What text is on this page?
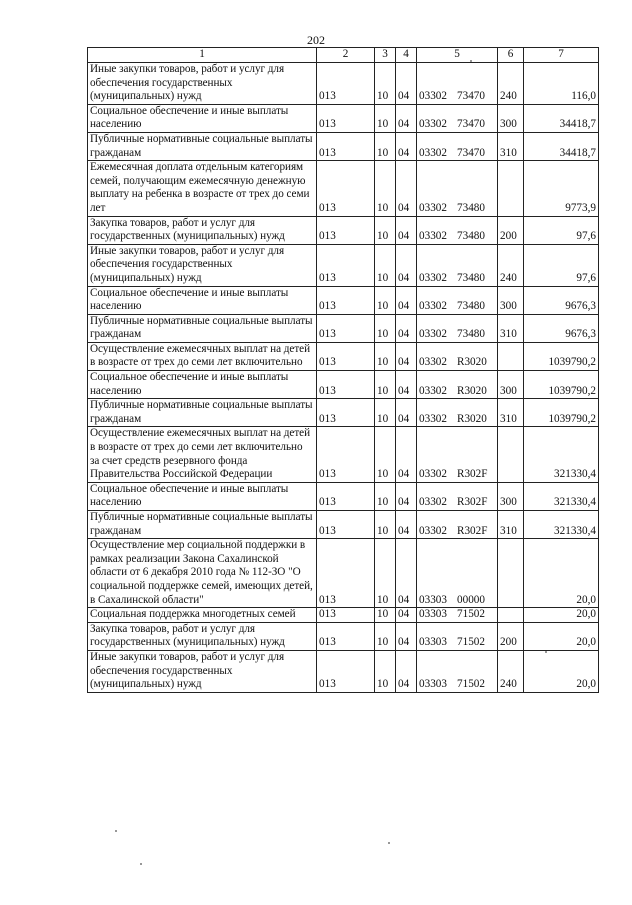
202
1	2	3	4	5	6	7
Иные закупки товаров, работ и услуг для обеспечения государственных (муниципальных) нужд	013	10	04	03302 73470	240	116,0
Социальное обеспечение и иные выплаты населению	013	10	04	03302 73470	300	34418,7
Публичные нормативные социальные выплаты гражданам	013	10	04	03302 73470	310	34418,7
Ежемесячная доплата отдельным категориям семей, получающим ежемесячную денежную выплату на ребенка в возрасте от трех до семи лет	013	10	04	03302 73480		9773,9
Закупка товаров, работ и услуг для государственных (муниципальных) нужд	013	10	04	03302 73480	200	97,6
Иные закупки товаров, работ и услуг для обеспечения государственных (муниципальных) нужд	013	10	04	03302 73480	240	97,6
Социальное обеспечение и иные выплаты населению	013	10	04	03302 73480	300	9676,3
Публичные нормативные социальные выплаты гражданам	013	10	04	03302 73480	310	9676,3
Осуществление ежемесячных выплат на детей в возрасте от трех до семи лет включительно	013	10	04	03302 R3020		1039790,2
Социальное обеспечение и иные выплаты населению	013	10	04	03302 R3020	300	1039790,2
Публичные нормативные социальные выплаты гражданам	013	10	04	03302 R3020	310	1039790,2
Осуществление ежемесячных выплат на детей в возрасте от трех до семи лет включительно за счет средств резервного фонда Правительства Российской Федерации	013	10	04	03302 R302F		321330,4
Социальное обеспечение и иные выплаты населению	013	10	04	03302 R302F	300	321330,4
Публичные нормативные социальные выплаты гражданам	013	10	04	03302 R302F	310	321330,4
Осуществление мер социальной поддержки в рамках реализации Закона Сахалинской области от 6 декабря 2010 года № 112-ЗО "О социальной поддержке семей, имеющих детей, в Сахалинской области"	013	10	04	03303 00000		20,0
Социальная поддержка многодетных семей	013	10	04	03303 71502		20,0
Закупка товаров, работ и услуг для государственных (муниципальных) нужд	013	10	04	03303 71502	200	20,0
Иные закупки товаров, работ и услуг для обеспечения государственных (муниципальных) нужд	013	10	04	03303 71502	240	20,0
